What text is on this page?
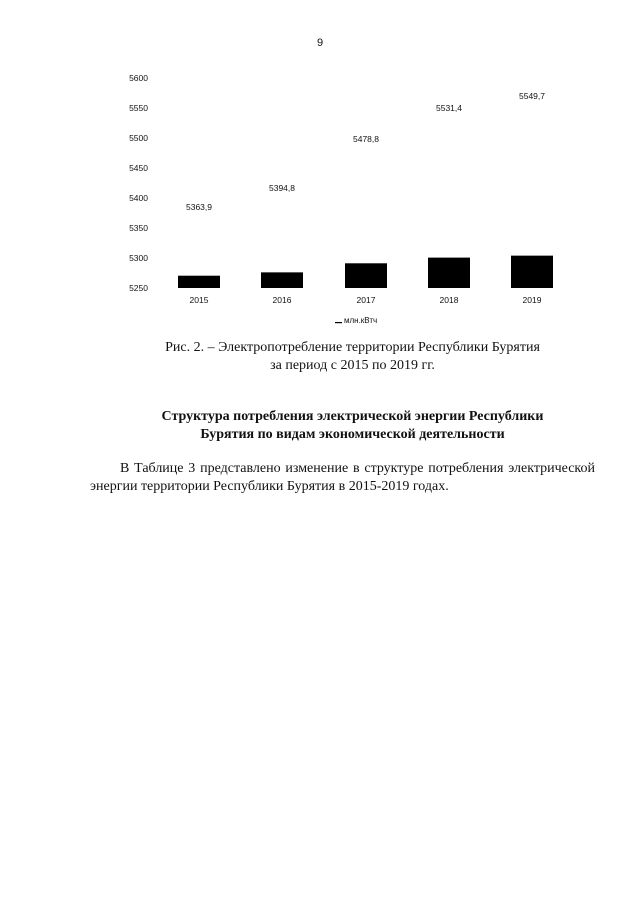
9
5250
5300
5350
5400
5450
5500
5550
5600
5363,9
5394,8
5478,8
5531,4
5549,7
2015	2016	2017	2018	2019
млн.кВтч
Рис. 2. – Электропотребление территории Республики Бурятия
за период с 2015 по 2019 гг.
Структура потребления электрической энергии Республики
Бурятия по видам экономической деятельности
В Таблице 3 представлено изменение в структуре потребления электрической энергии территории Республики Бурятия в 2015-2019 годах.
